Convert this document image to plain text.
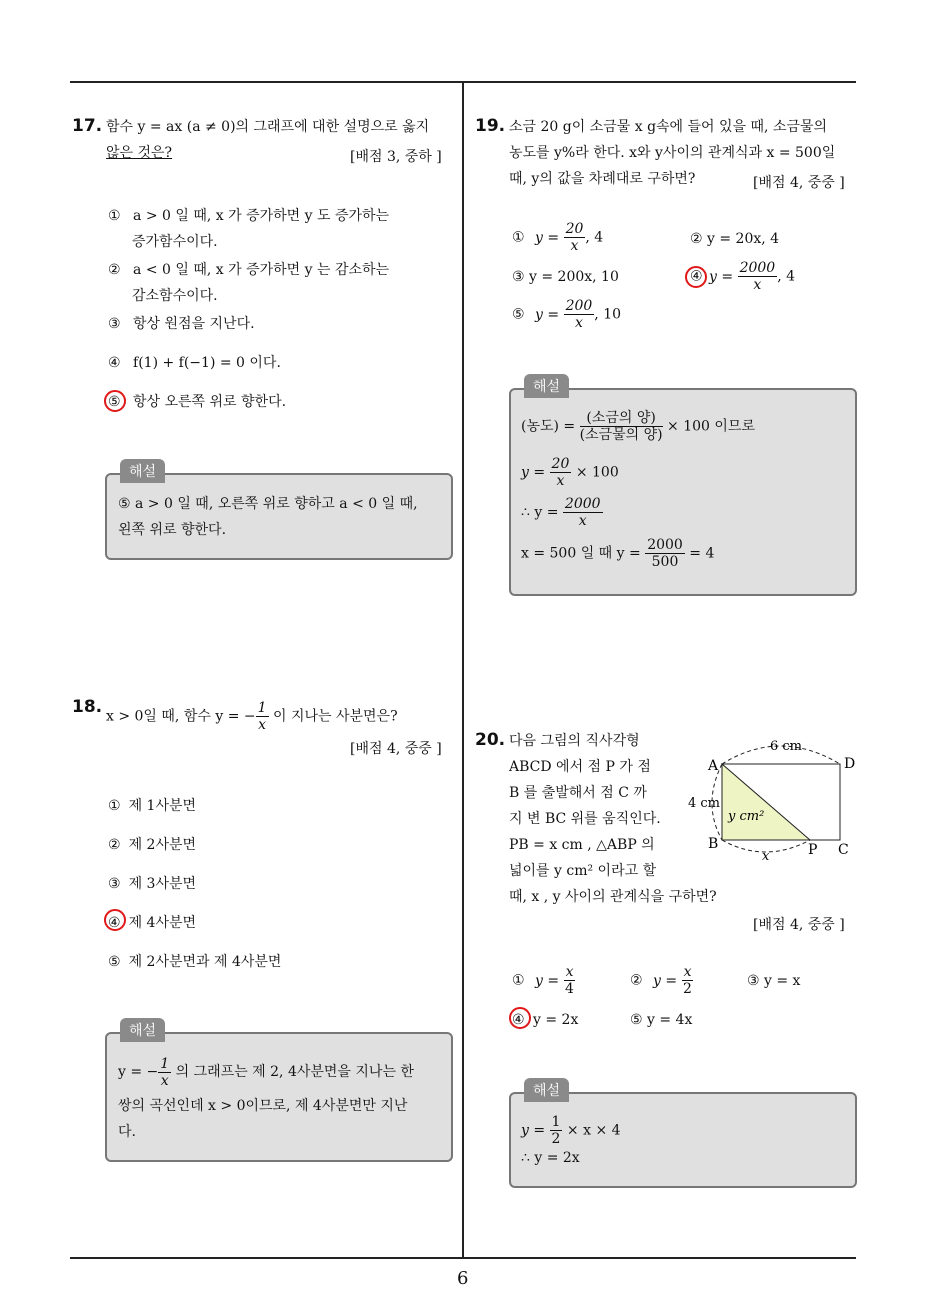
6
17. 함수 y = ax (a ≠ 0)의 그래프에 대한 설명으로 옳지
않은 것은?	[배점 3, 중하 ]
① a > 0 일 때, x 가 증가하면 y 도 증가하는
증가함수이다.
② a < 0 일 때, x 가 증가하면 y 는 감소하는
감소함수이다.
③ 항상 원점을 지난다.
④ f(1) + f(−1) = 0 이다.
⑤ 항상 오른쪽 위로 향한다.
해설
⑤ a > 0 일 때, 오른쪽 위로 향하고 a < 0 일 때,
왼쪽 위로 향한다.
18. x > 0일 때, 함수 y = − $\frac{1}{x}$ 이 지나는 사분면은?
[배점 4, 중중 ]
① 제 1사분면
② 제 2사분면
③ 제 3사분면
④ 제 4사분면
⑤ 제 2사분면과 제 4사분면
해설
y = − $\frac{1}{x}$ 의 그래프는 제 2, 4사분면을 지나는 한
쌍의 곡선인데 x > 0이므로, 제 4사분면만 지난
다.
19. 소금 20 g이 소금물 x g속에 들어 있을 때, 소금물의
농도를 y%라 한다. x와 y사이의 관계식과 x = 500일
때, y의 값을 차례대로 구하면?	[배점 4, 중중 ]
① $y = \frac{20}{x}$ , 4	② y = 20x, 4
③ y = 200x, 10	④ $y = \frac{2000}{x}$ , 4
⑤ $y = \frac{200}{x}$ , 10
해설
(농도) = $\frac{\text{(소금의 양)}}{\text{(소금물의 양)}} \times 100$ 이므로
$y = \frac{20}{x} \times 100$
∴ $y = \frac{2000}{x}$
x = 500 일 때 $y = \frac{2000}{500} = 4$
20. 다음 그림의 직사각형
ABCD 에서 점 P 가 점
B 를 출발해서 점 C 까
지 변 BC 위를 움직인다.
PB = x cm , △ABP 의
넓이를 y cm² 이라고 할
때, x , y 사이의 관계식을 구하면?
[배점 4, 중중 ]
A	D
B	P C
6 cm
4 cm
y cm²
x
① $y = \frac{x}{4}$	② $y = \frac{x}{2}$	③ y = x
④ y = 2x	⑤ y = 4x
해설
$y = \frac{1}{2} \times x \times 4$
∴ y = 2x
